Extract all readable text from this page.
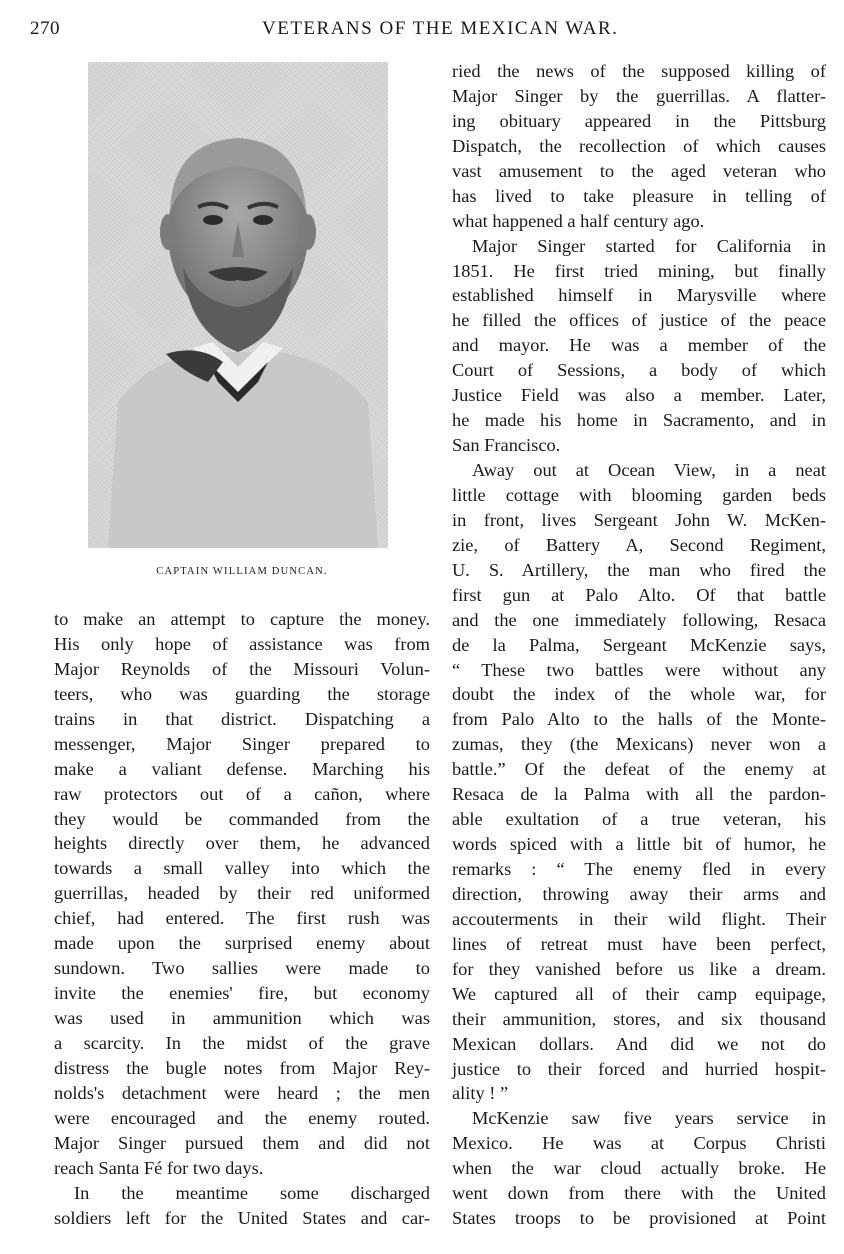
270	VETERANS OF THE MEXICAN WAR.
CAPTAIN WILLIAM DUNCAN.
to make an attempt to capture the money.
His only hope of assistance was from
Major Reynolds of the Missouri Volun-
teers, who was guarding the storage
trains in that district. Dispatching a
messenger, Major Singer prepared to
make a valiant defense. Marching his
raw protectors out of a cañon, where
they would be commanded from the
heights directly over them, he advanced
towards a small valley into which the
guerrillas, headed by their red uniformed
chief, had entered. The first rush was
made upon the surprised enemy about
sundown. Two sallies were made to
invite the enemies' fire, but economy
was used in ammunition which was
a scarcity. In the midst of the grave
distress the bugle notes from Major Rey-
nolds's detachment were heard ; the men
were encouraged and the enemy routed.
Major Singer pursued them and did not
reach Santa Fé for two days.
In the meantime some discharged
soldiers left for the United States and car-
ried the news of the supposed killing of
Major Singer by the guerrillas. A flatter-
ing obituary appeared in the Pittsburg
Dispatch, the recollection of which causes
vast amusement to the aged veteran who
has lived to take pleasure in telling of
what happened a half century ago.
Major Singer started for California in
1851. He first tried mining, but finally
established himself in Marysville where
he filled the offices of justice of the peace
and mayor. He was a member of the
Court of Sessions, a body of which
Justice Field was also a member. Later,
he made his home in Sacramento, and in
San Francisco.
Away out at Ocean View, in a neat
little cottage with blooming garden beds
in front, lives Sergeant John W. McKen-
zie, of Battery A, Second Regiment,
U. S. Artillery, the man who fired the
first gun at Palo Alto. Of that battle
and the one immediately following, Resaca
de la Palma, Sergeant McKenzie says,
“ These two battles were without any
doubt the index of the whole war, for
from Palo Alto to the halls of the Monte-
zumas, they (the Mexicans) never won a
battle.” Of the defeat of the enemy at
Resaca de la Palma with all the pardon-
able exultation of a true veteran, his
words spiced with a little bit of humor, he
remarks : “ The enemy fled in every
direction, throwing away their arms and
accouterments in their wild flight. Their
lines of retreat must have been perfect,
for they vanished before us like a dream.
We captured all of their camp equipage,
their ammunition, stores, and six thousand
Mexican dollars. And did we not do
justice to their forced and hurried hospit-
ality ! ”
McKenzie saw five years service in
Mexico. He was at Corpus Christi
when the war cloud actually broke. He
went down from there with the United
States troops to be provisioned at Point
